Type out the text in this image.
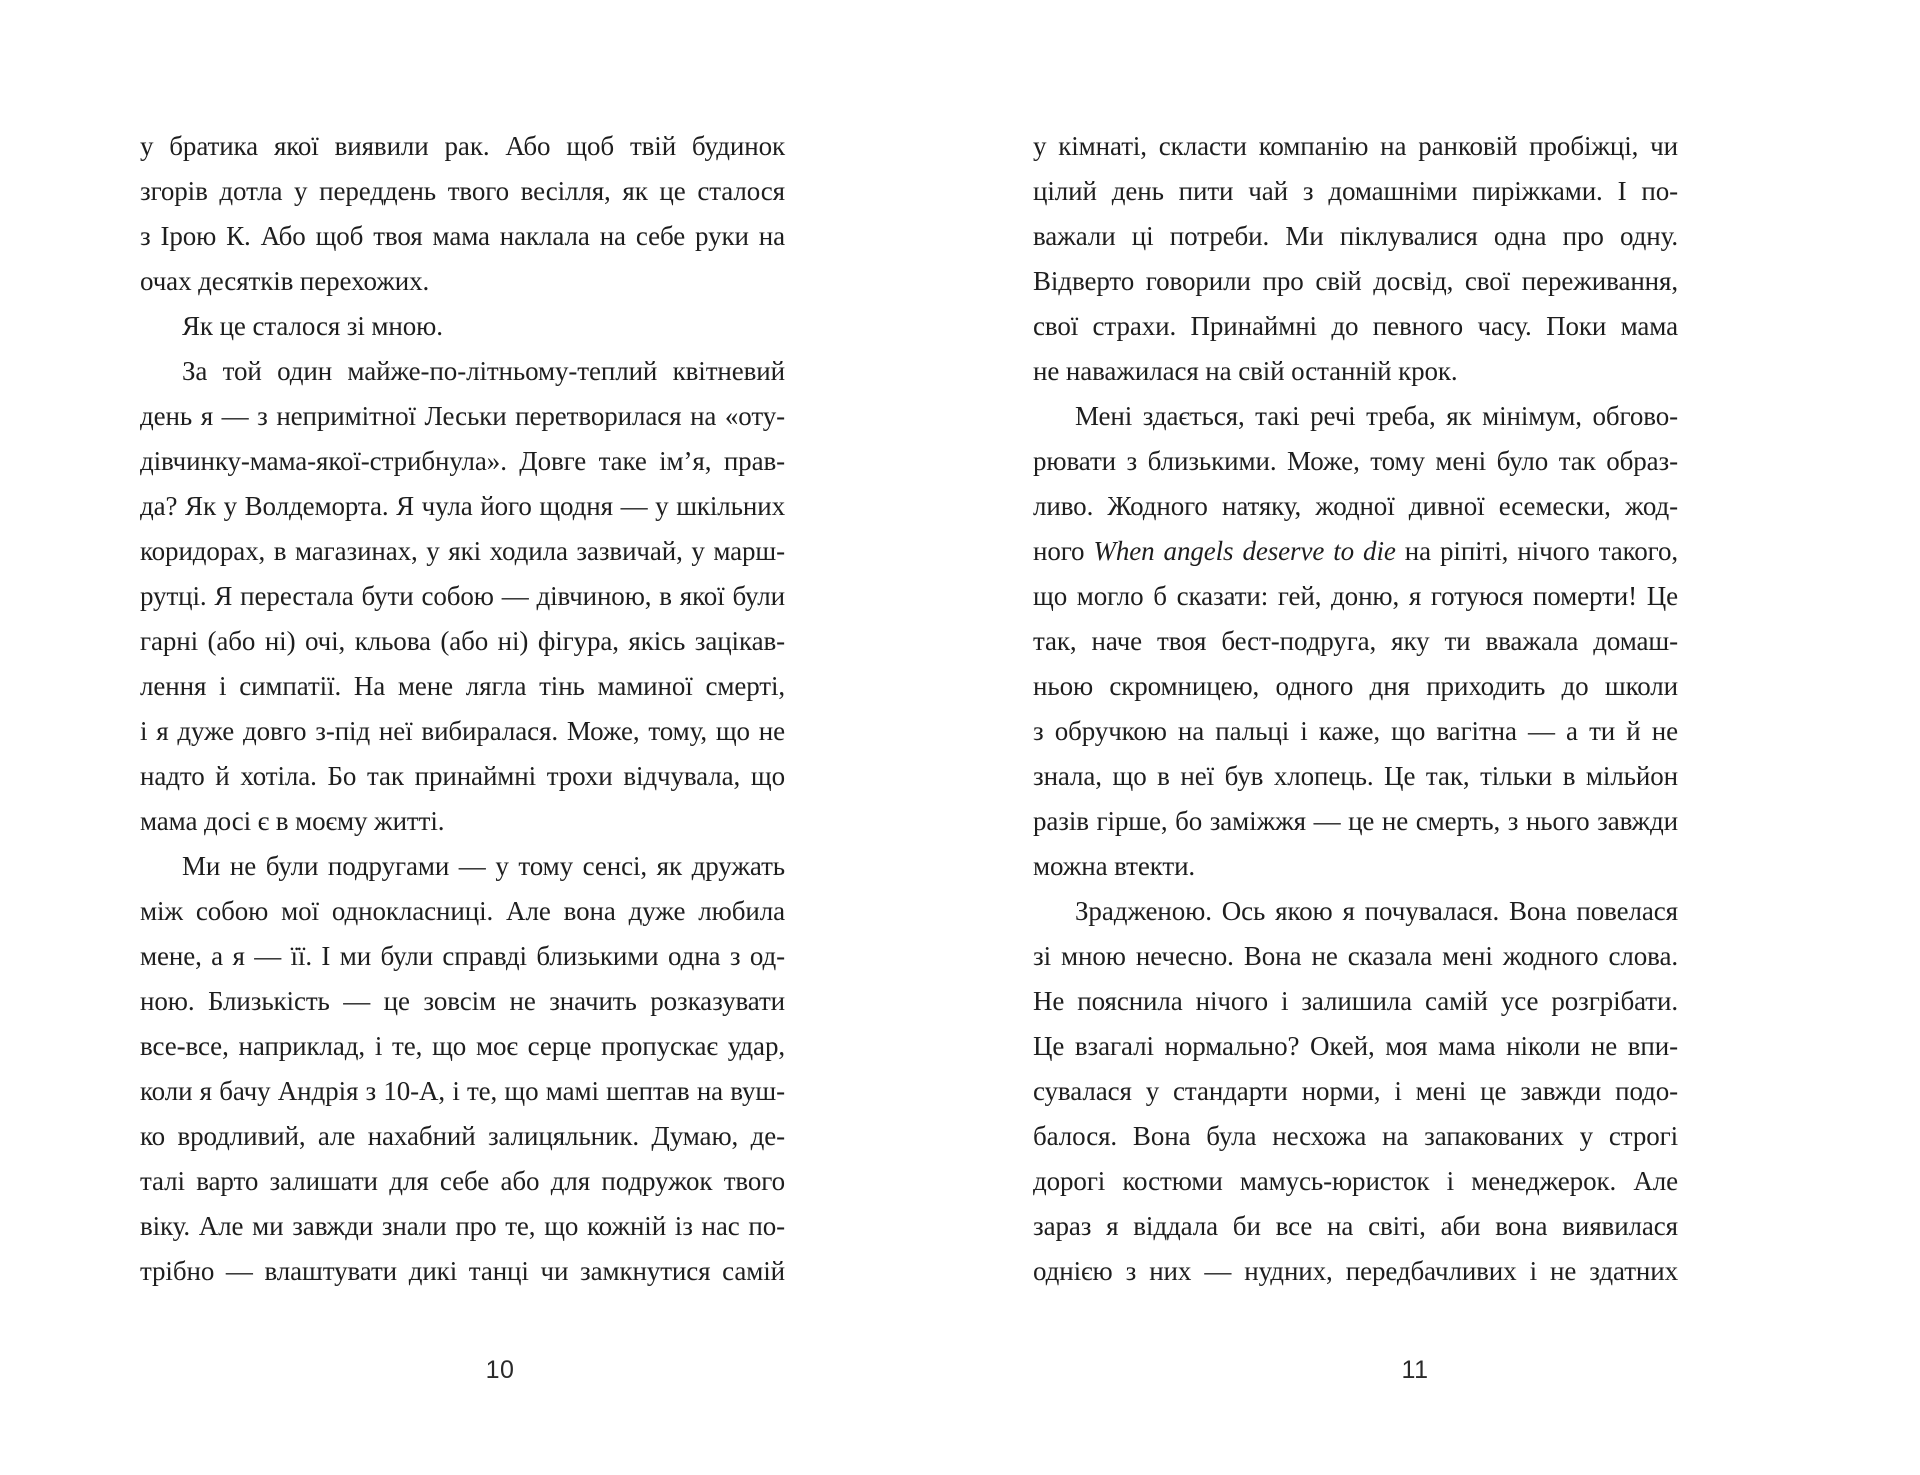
у братика якої виявили рак. Або щоб твій будинок
згорів дотла у переддень твого весілля, як це сталося
з Ірою К. Або щоб твоя мама наклала на себе руки на
очах десятків перехожих.
Як це сталося зі мною.
За той один майже-по-літньому-теплий квітневий
день я — з непримітної Леськи перетворилася на «оту-
дівчинку-мама-якої-стрибнула». Довге таке ім’я, прав-
да? Як у Волдеморта. Я чула його щодня — у шкільних
коридорах, в магазинах, у які ходила зазвичай, у марш-
рутці. Я перестала бути собою — дівчиною, в якої були
гарні (або ні) очі, кльова (або ні) фігура, якісь зацікав-
лення і симпатії. На мене лягла тінь маминої смерті,
і я дуже довго з-під неї вибиралася. Може, тому, що не
надто й хотіла. Бо так принаймні трохи відчувала, що
мама досі є в моєму житті.
Ми не були подругами — у тому сенсі, як дружать
між собою мої однокласниці. Але вона дуже любила
мене, а я — її. І ми були справді близькими одна з од-
ною. Близькість — це зовсім не значить розказувати
все-все, наприклад, і те, що моє серце пропускає удар,
коли я бачу Андрія з 10-А, і те, що мамі шептав на вуш-
ко вродливий, але нахабний залицяльник. Думаю, де-
талі варто залишати для себе або для подружок твого
віку. Але ми завжди знали про те, що кожній із нас по-
трібно — влаштувати дикі танці чи замкнутися самій
10
у кімнаті, скласти компанію на ранковій пробіжці, чи
цілий день пити чай з домашніми пиріжками. І по-
важали ці потреби. Ми піклувалися одна про одну.
Відверто говорили про свій досвід, свої переживання,
свої страхи. Принаймні до певного часу. Поки мама
не наважилася на свій останній крок.
Мені здається, такі речі треба, як мінімум, обгово-
рювати з близькими. Може, тому мені було так образ-
ливо. Жодного натяку, жодної дивної есемески, жод-
ного When angels deserve to die на ріпіті, нічого такого,
що могло б сказати: гей, доню, я готуюся померти! Це
так, наче твоя бест-подруга, яку ти вважала домаш-
ньою скромницею, одного дня приходить до школи
з обручкою на пальці і каже, що вагітна — а ти й не
знала, що в неї був хлопець. Це так, тільки в мільйон
разів гірше, бо заміжжя — це не смерть, з нього завжди
можна втекти.
Зрадженою. Ось якою я почувалася. Вона повелася
зі мною нечесно. Вона не сказала мені жодного слова.
Не пояснила нічого і залишила самій усе розгрібати.
Це взагалі нормально? Окей, моя мама ніколи не впи-
сувалася у стандарти норми, і мені це завжди подо-
балося. Вона була несхожа на запакованих у строгі
дорогі костюми мамусь-юристок і менеджерок. Але
зараз я віддала би все на світі, аби вона виявилася
однією з них — нудних, передбачливих і не здатних
11
